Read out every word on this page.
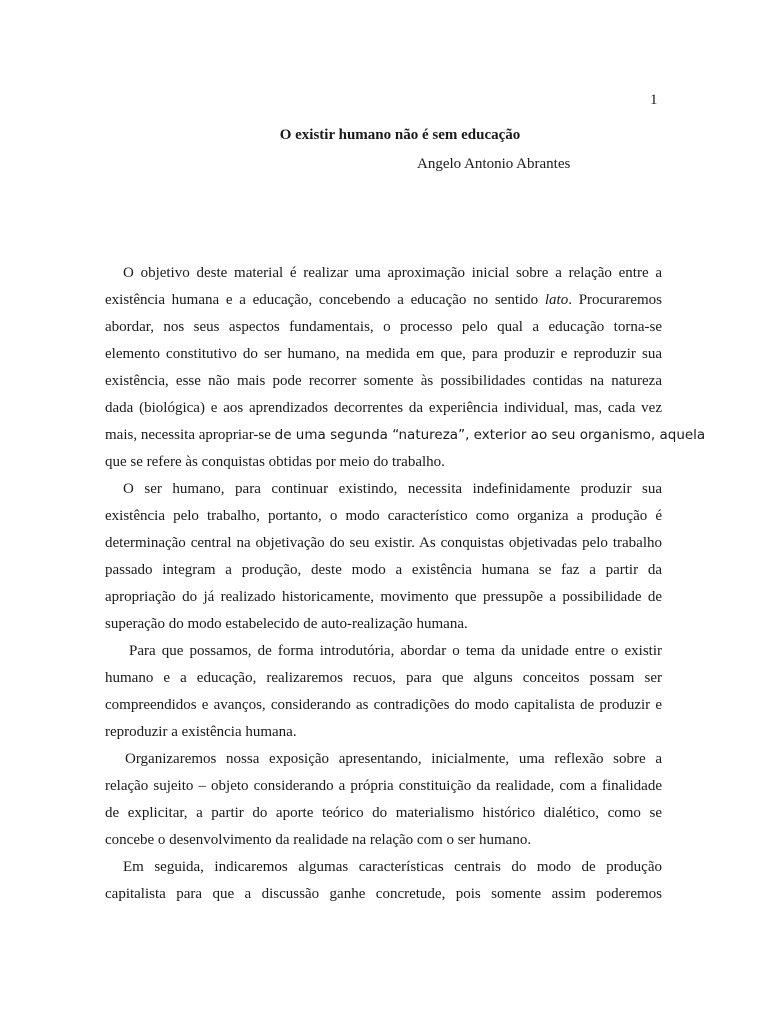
1
O existir humano não é sem educação
Angelo Antonio Abrantes
O objetivo deste material é realizar uma aproximação inicial sobre a relação entre a
existência humana e a educação, concebendo a educação no sentido lato. Procuraremos
abordar, nos seus aspectos fundamentais, o processo pelo qual a educação torna-se
elemento constitutivo do ser humano, na medida em que, para produzir e reproduzir sua
existência, esse não mais pode recorrer somente às possibilidades contidas na natureza
dada (biológica) e aos aprendizados decorrentes da experiência individual, mas, cada vez
mais, necessita apropriar-se de uma segunda “natureza”, exterior ao seu organismo, aquela
que se refere às conquistas obtidas por meio do trabalho.
O ser humano, para continuar existindo, necessita indefinidamente produzir sua
existência pelo trabalho, portanto, o modo característico como organiza a produção é
determinação central na objetivação do seu existir. As conquistas objetivadas pelo trabalho
passado integram a produção, deste modo a existência humana se faz a partir da
apropriação do já realizado historicamente, movimento que pressupõe a possibilidade de
superação do modo estabelecido de auto-realização humana.
Para que possamos, de forma introdutória, abordar o tema da unidade entre o existir
humano e a educação, realizaremos recuos, para que alguns conceitos possam ser
compreendidos e avanços, considerando as contradições do modo capitalista de produzir e
reproduzir a existência humana.
Organizaremos nossa exposição apresentando, inicialmente, uma reflexão sobre a
relação sujeito – objeto considerando a própria constituição da realidade, com a finalidade
de explicitar, a partir do aporte teórico do materialismo histórico dialético, como se
concebe o desenvolvimento da realidade na relação com o ser humano.
Em seguida, indicaremos algumas características centrais do modo de produção
capitalista para que a discussão ganhe concretude, pois somente assim poderemos
